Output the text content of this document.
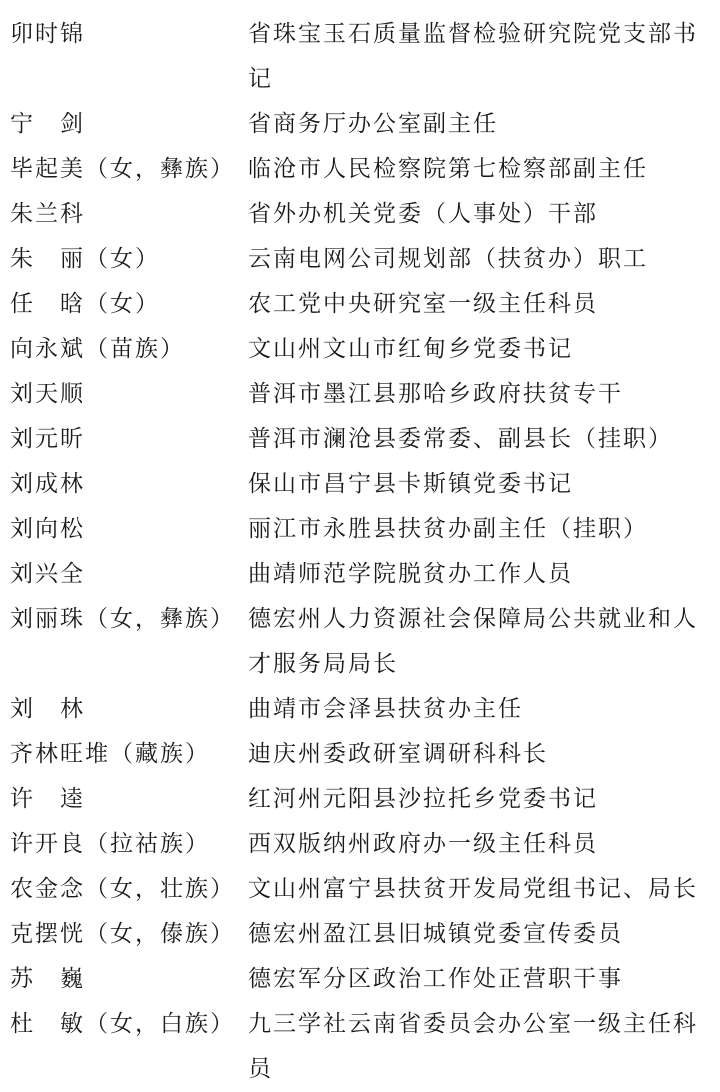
卯时锦	省珠宝玉石质量监督检验研究院党支部书记
宁　剑	省商务厅办公室副主任
毕起美（女，彝族） 临沧市人民检察院第七检察部副主任
朱兰科	省外办机关党委（人事处）干部
朱　丽（女）	云南电网公司规划部（扶贫办）职工
任　晗（女）	农工党中央研究室一级主任科员
向永斌（苗族）	文山州文山市红甸乡党委书记
刘天顺	普洱市墨江县那哈乡政府扶贫专干
刘元昕	普洱市澜沧县委常委、副县长（挂职）
刘成林	保山市昌宁县卡斯镇党委书记
刘向松	丽江市永胜县扶贫办副主任（挂职）
刘兴全	曲靖师范学院脱贫办工作人员
刘丽珠（女，彝族） 德宏州人力资源社会保障局公共就业和人才服务局局长
刘　林	曲靖市会泽县扶贫办主任
齐林旺堆（藏族）	迪庆州委政研室调研科科长
许　逵	红河州元阳县沙拉托乡党委书记
许开良（拉祜族）	西双版纳州政府办一级主任科员
农金念（女，壮族） 文山州富宁县扶贫开发局党组书记、局长
克摆恍（女，傣族） 德宏州盈江县旧城镇党委宣传委员
苏　巍	德宏军分区政治工作处正营职干事
杜　敏（女，白族） 九三学社云南省委员会办公室一级主任科员
